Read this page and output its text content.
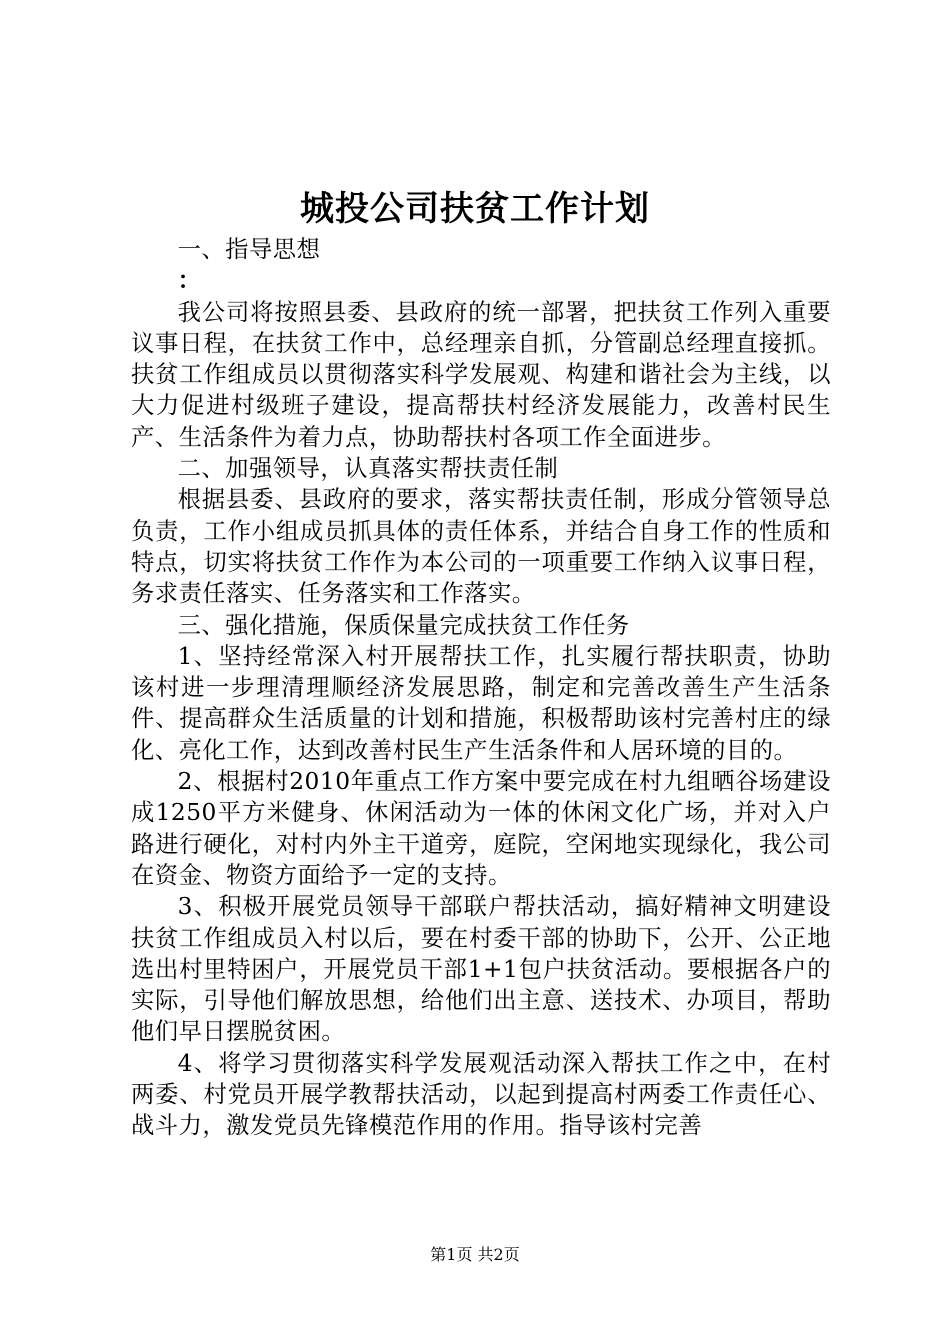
城投公司扶贫工作计划

一、指导思想

：

我公司将按照县委、县政府的统一部署，把扶贫工作列入重要议事日程，在扶贫工作中，总经理亲自抓，分管副总经理直接抓。扶贫工作组成员以贯彻落实科学发展观、构建和谐社会为主线，以大力促进村级班子建设，提高帮扶村经济发展能力，改善村民生产、生活条件为着力点，协助帮扶村各项工作全面进步。

二、加强领导，认真落实帮扶责任制

根据县委、县政府的要求，落实帮扶责任制，形成分管领导总负责，工作小组成员抓具体的责任体系，并结合自身工作的性质和特点，切实将扶贫工作作为本公司的一项重要工作纳入议事日程，务求责任落实、任务落实和工作落实。

三、强化措施，保质保量完成扶贫工作任务

1、坚持经常深入村开展帮扶工作，扎实履行帮扶职责，协助该村进一步理清理顺经济发展思路，制定和完善改善生产生活条件、提高群众生活质量的计划和措施，积极帮助该村完善村庄的绿化、亮化工作，达到改善村民生产生活条件和人居环境的目的。

2、根据村2010年重点工作方案中要完成在村九组晒谷场建设成1250平方米健身、休闲活动为一体的休闲文化广场，并对入户路进行硬化，对村内外主干道旁，庭院，空闲地实现绿化，我公司在资金、物资方面给予一定的支持。

3、积极开展党员领导干部联户帮扶活动，搞好精神文明建设扶贫工作组成员入村以后，要在村委干部的协助下，公开、公正地选出村里特困户，开展党员干部1+1包户扶贫活动。要根据各户的实际，引导他们解放思想，给他们出主意、送技术、办项目，帮助他们早日摆脱贫困。

4、将学习贯彻落实科学发展观活动深入帮扶工作之中，在村两委、村党员开展学教帮扶活动，以起到提高村两委工作责任心、战斗力，激发党员先锋模范作用的作用。指导该村完善

第1页 共2页
